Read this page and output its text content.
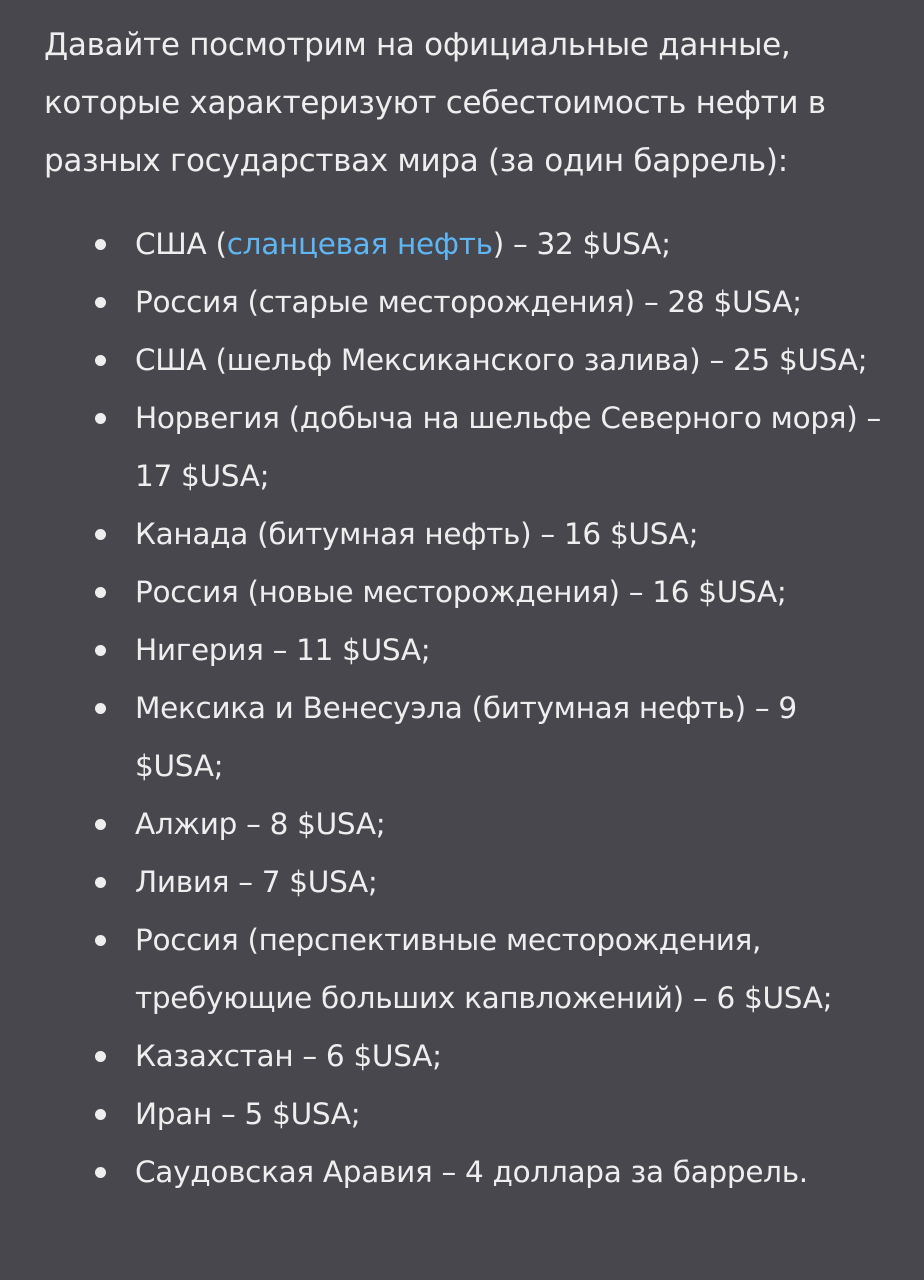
Давайте посмотрим на официальные данные, которые характеризуют себестоимость нефти в разных государствах мира (за один баррель):

США (сланцевая нефть) – 32 $USA;
Россия (старые месторождения) – 28 $USA;
США (шельф Мексиканского залива) – 25 $USA;
Норвегия (добыча на шельфе Северного моря) – 17 $USA;
Канада (битумная нефть) – 16 $USA;
Россия (новые месторождения) – 16 $USA;
Нигерия – 11 $USA;
Мексика и Венесуэла (битумная нефть) – 9 $USA;
Алжир – 8 $USA;
Ливия – 7 $USA;
Россия (перспективные месторождения, требующие больших капвложений) – 6 $USA;
Казахстан – 6 $USA;
Иран – 5 $USA;
Саудовская Аравия – 4 доллара за баррель.
